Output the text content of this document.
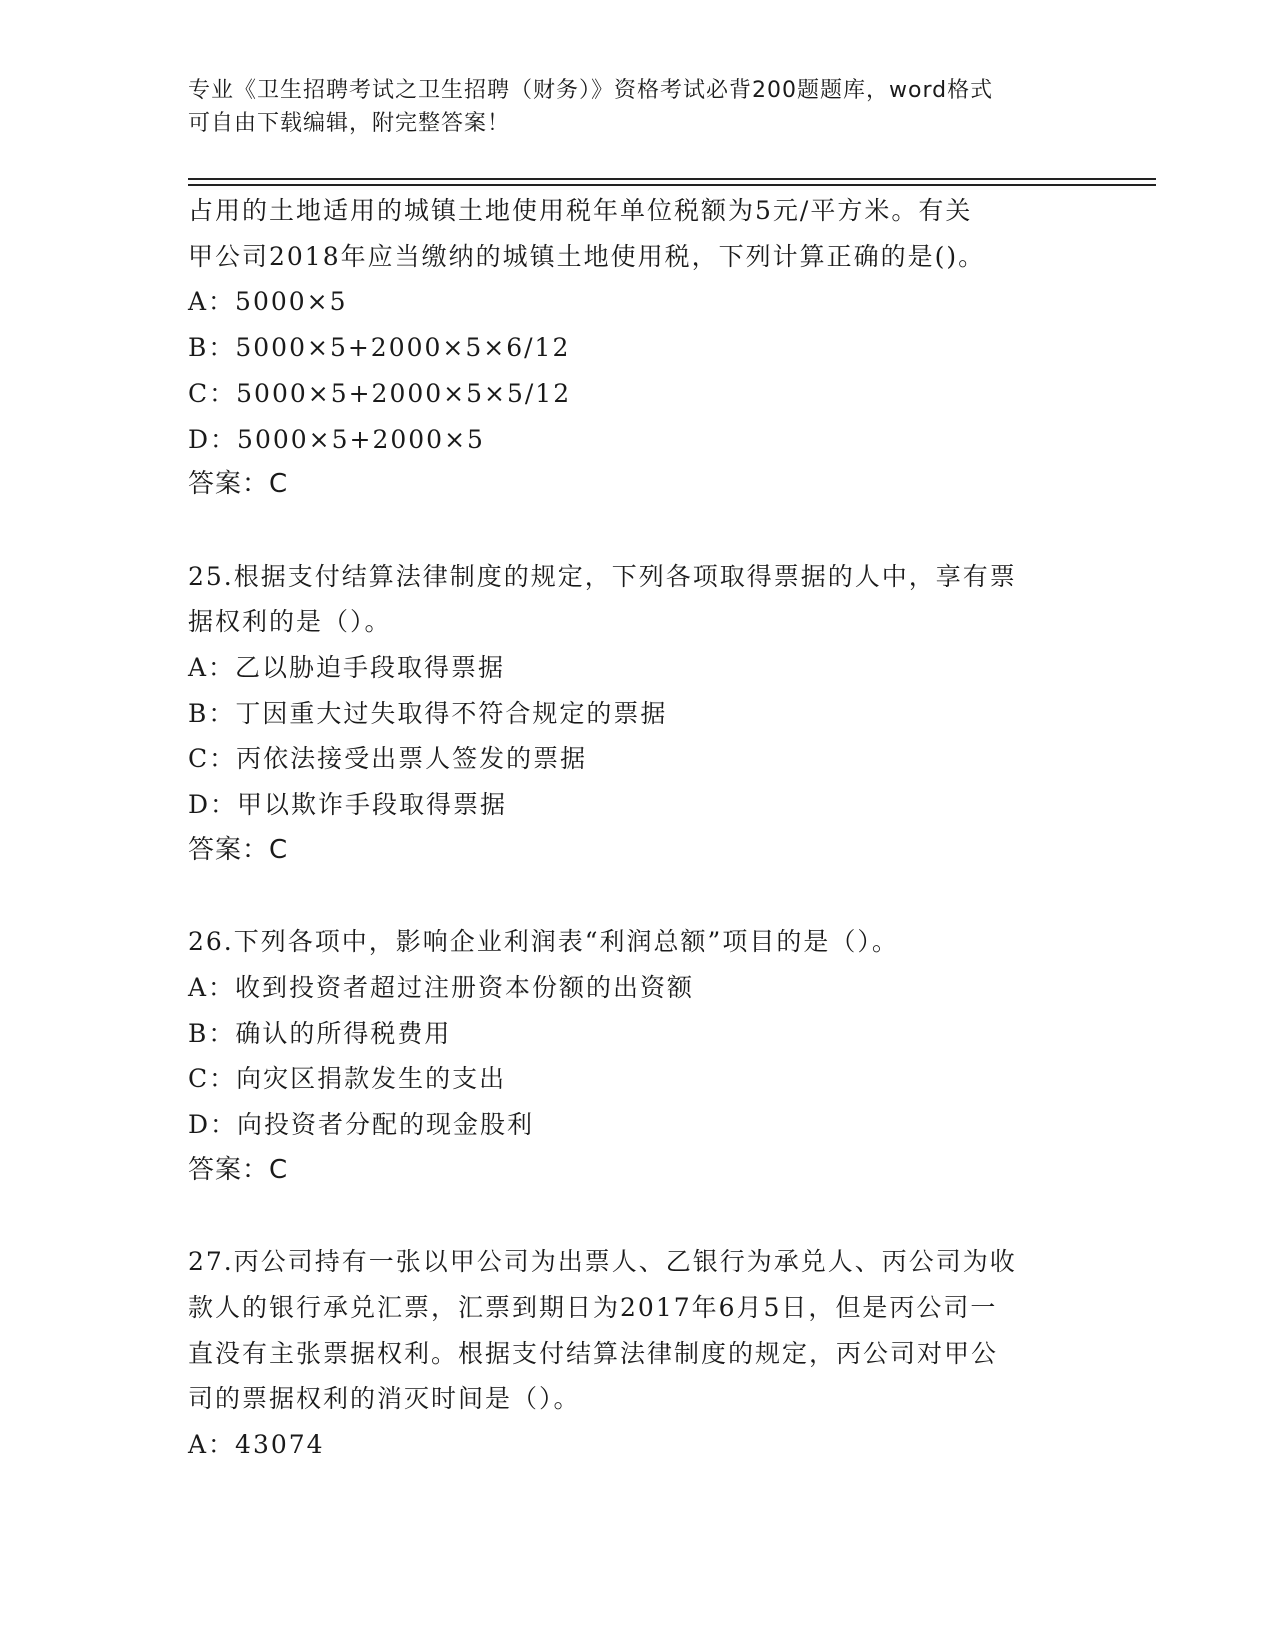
专业《卫生招聘考试之卫生招聘（财务）》资格考试必背200题题库，word格式
可自由下载编辑，附完整答案！
占用的土地适用的城镇土地使用税年单位税额为5元/平方米。有关
甲公司2018年应当缴纳的城镇土地使用税，下列计算正确的是()。
A：5000×5
B：5000×5+2000×5×6/12
C：5000×5+2000×5×5/12
D：5000×5+2000×5
答案：C
25.根据支付结算法律制度的规定，下列各项取得票据的人中，享有票
据权利的是（）。
A：乙以胁迫手段取得票据
B：丁因重大过失取得不符合规定的票据
C：丙依法接受出票人签发的票据
D：甲以欺诈手段取得票据
答案：C
26.下列各项中，影响企业利润表“利润总额”项目的是（）。
A：收到投资者超过注册资本份额的出资额
B：确认的所得税费用
C：向灾区捐款发生的支出
D：向投资者分配的现金股利
答案：C
27.丙公司持有一张以甲公司为出票人、乙银行为承兑人、丙公司为收
款人的银行承兑汇票，汇票到期日为2017年6月5日，但是丙公司一
直没有主张票据权利。根据支付结算法律制度的规定，丙公司对甲公
司的票据权利的消灭时间是（）。
A：43074
